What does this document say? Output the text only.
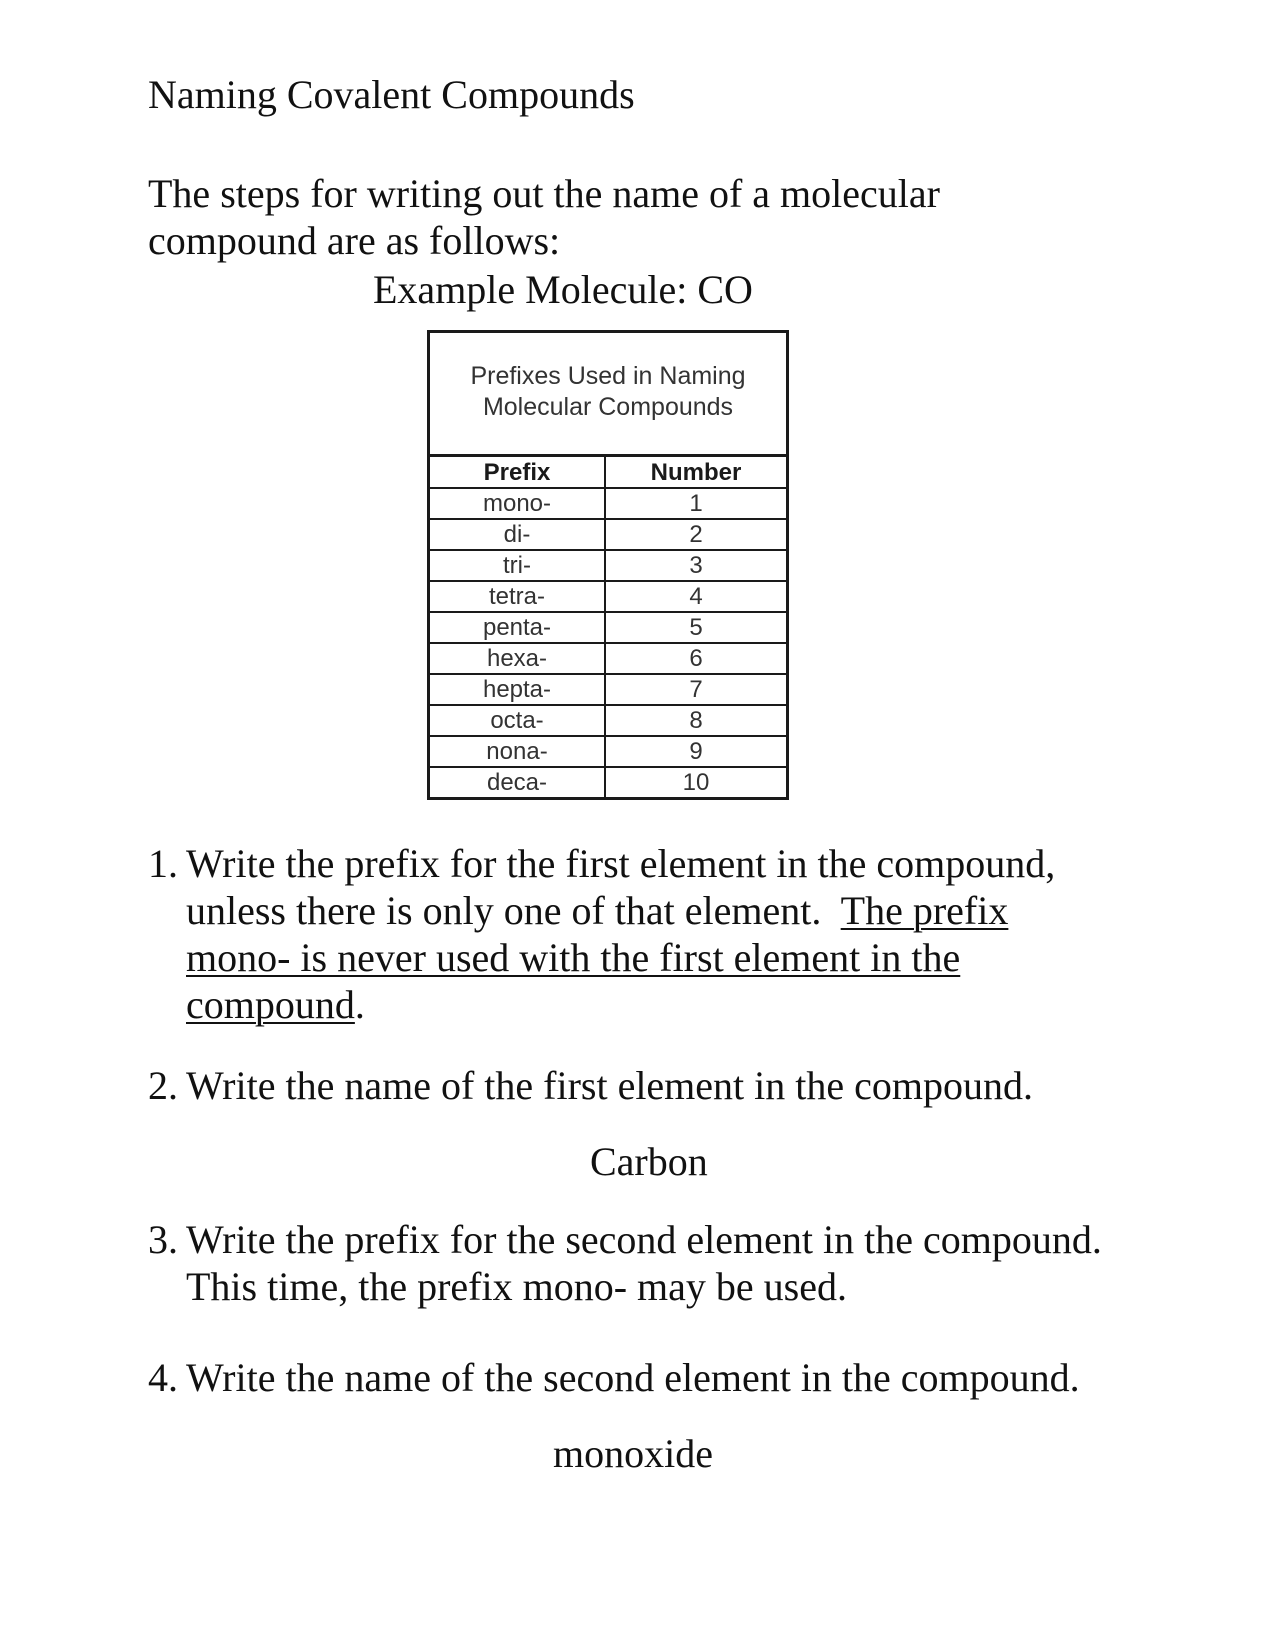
Naming Covalent Compounds
The steps for writing out the name of a molecular compound are as follows:
Example Molecule: CO
Prefixes Used in Naming
Molecular Compounds
Prefix	Number
mono-	1
di-	2
tri-	3
tetra-	4
penta-	5
hexa-	6
hepta-	7
octa-	8
nona-	9
deca-	10
1. Write the prefix for the first element in the compound, unless there is only one of that element. The prefix mono- is never used with the first element in the compound.
2. Write the name of the first element in the compound.
Carbon
3. Write the prefix for the second element in the compound. This time, the prefix mono- may be used.
4. Write the name of the second element in the compound.
monoxide
